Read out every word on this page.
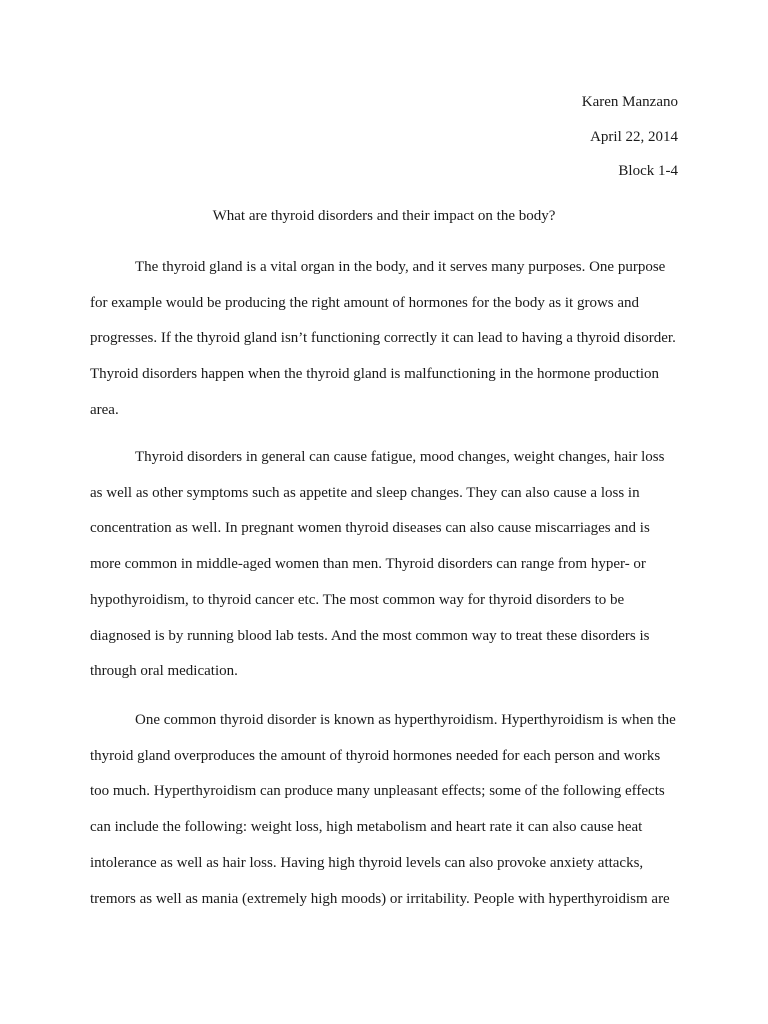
Karen Manzano
April 22, 2014
Block 1-4
What are thyroid disorders and their impact on the body?

The thyroid gland is a vital organ in the body, and it serves many purposes. One purpose for example would be producing the right amount of hormones for the body as it grows and progresses. If the thyroid gland isn’t functioning correctly it can lead to having a thyroid disorder. Thyroid disorders happen when the thyroid gland is malfunctioning in the hormone production area.

Thyroid disorders in general can cause fatigue, mood changes, weight changes, hair loss as well as other symptoms such as appetite and sleep changes. They can also cause a loss in concentration as well. In pregnant women thyroid diseases can also cause miscarriages and is more common in middle-aged women than men. Thyroid disorders can range from hyper- or hypothyroidism, to thyroid cancer etc. The most common way for thyroid disorders to be diagnosed is by running blood lab tests. And the most common way to treat these disorders is through oral medication.

One common thyroid disorder is known as hyperthyroidism. Hyperthyroidism is when the thyroid gland overproduces the amount of thyroid hormones needed for each person and works too much. Hyperthyroidism can produce many unpleasant effects; some of the following effects can include the following: weight loss, high metabolism and heart rate it can also cause heat intolerance as well as hair loss. Having high thyroid levels can also provoke anxiety attacks, tremors as well as mania (extremely high moods) or irritability. People with hyperthyroidism are
